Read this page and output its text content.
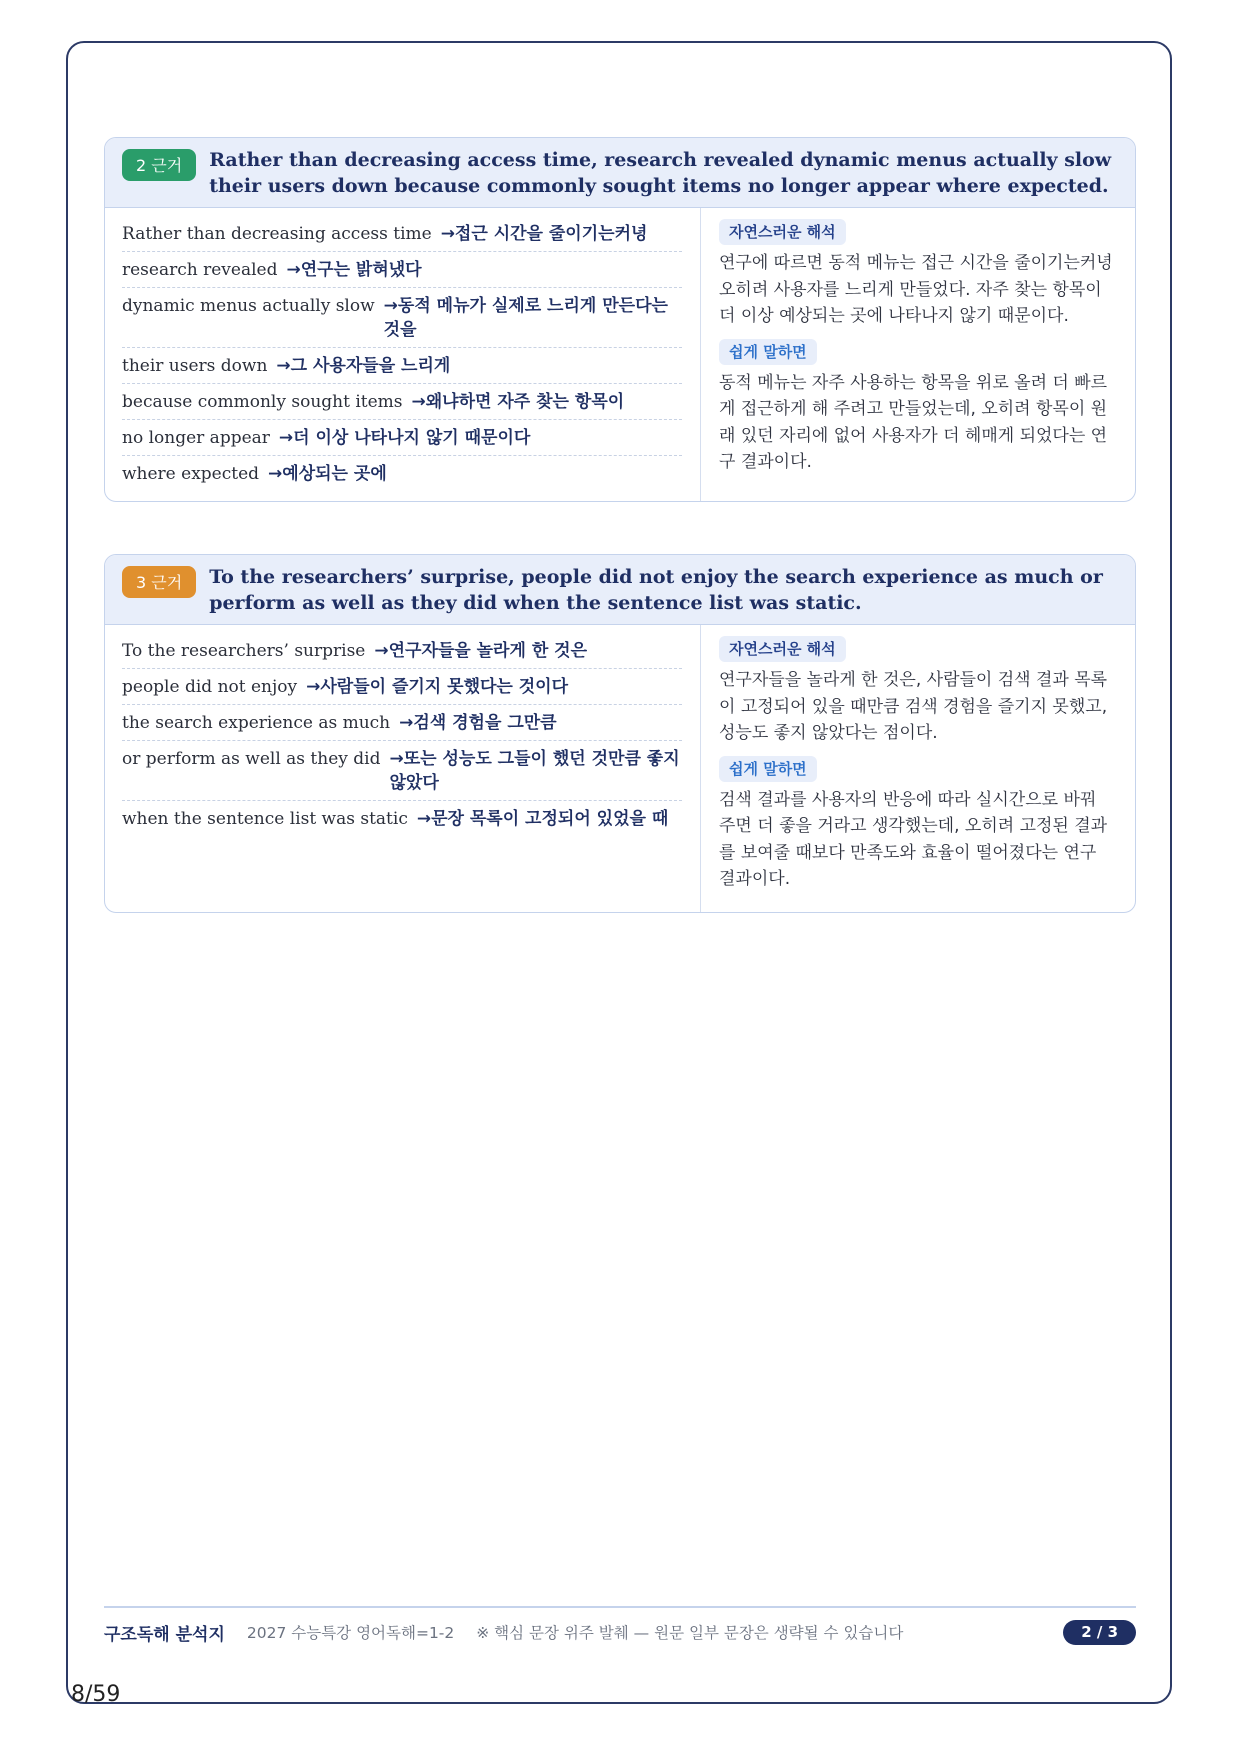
2 근거	Rather than decreasing access time, research revealed dynamic menus actually slow their users down because commonly sought items no longer appear where expected.
Rather than decreasing access time →접근 시간을 줄이기는커녕
research revealed →연구는 밝혀냈다
dynamic menus actually slow →동적 메뉴가 실제로 느리게 만든다는 것을
their users down →그 사용자들을 느리게
because commonly sought items →왜냐하면 자주 찾는 항목이
no longer appear →더 이상 나타나지 않기 때문이다
where expected →예상되는 곳에
자연스러운 해석

연구에 따르면 동적 메뉴는 접근 시간을 줄이기는커녕 오히려 사용자를 느리게 만들었다. 자주 찾는 항목이 더 이상 예상되는 곳에 나타나지 않기 때문이다.

쉽게 말하면

동적 메뉴는 자주 사용하는 항목을 위로 올려 더 빠르게 접근하게 해 주려고 만들었는데, 오히려 항목이 원래 있던 자리에 없어 사용자가 더 헤매게 되었다는 연구 결과이다.

3 근거	To the researchers’ surprise, people did not enjoy the search experience as much or perform as well as they did when the sentence list was static.
To the researchers’ surprise →연구자들을 놀라게 한 것은
people did not enjoy →사람들이 즐기지 못했다는 것이다
the search experience as much →검색 경험을 그만큼
or perform as well as they did →또는 성능도 그들이 했던 것만큼 좋지 않았다
when the sentence list was static →문장 목록이 고정되어 있었을 때
자연스러운 해석

연구자들을 놀라게 한 것은, 사람들이 검색 결과 목록이 고정되어 있을 때만큼 검색 경험을 즐기지 못했고, 성능도 좋지 않았다는 점이다.

쉽게 말하면

검색 결과를 사용자의 반응에 따라 실시간으로 바꿔 주면 더 좋을 거라고 생각했는데, 오히려 고정된 결과를 보여줄 때보다 만족도와 효율이 떨어졌다는 연구 결과이다.

구조독해 분석지 2027 수능특강 영어독해=1-2 ※ 핵심 문장 위주 발췌 — 원문 일부 문장은 생략될 수 있습니다	2 / 3
8/59
